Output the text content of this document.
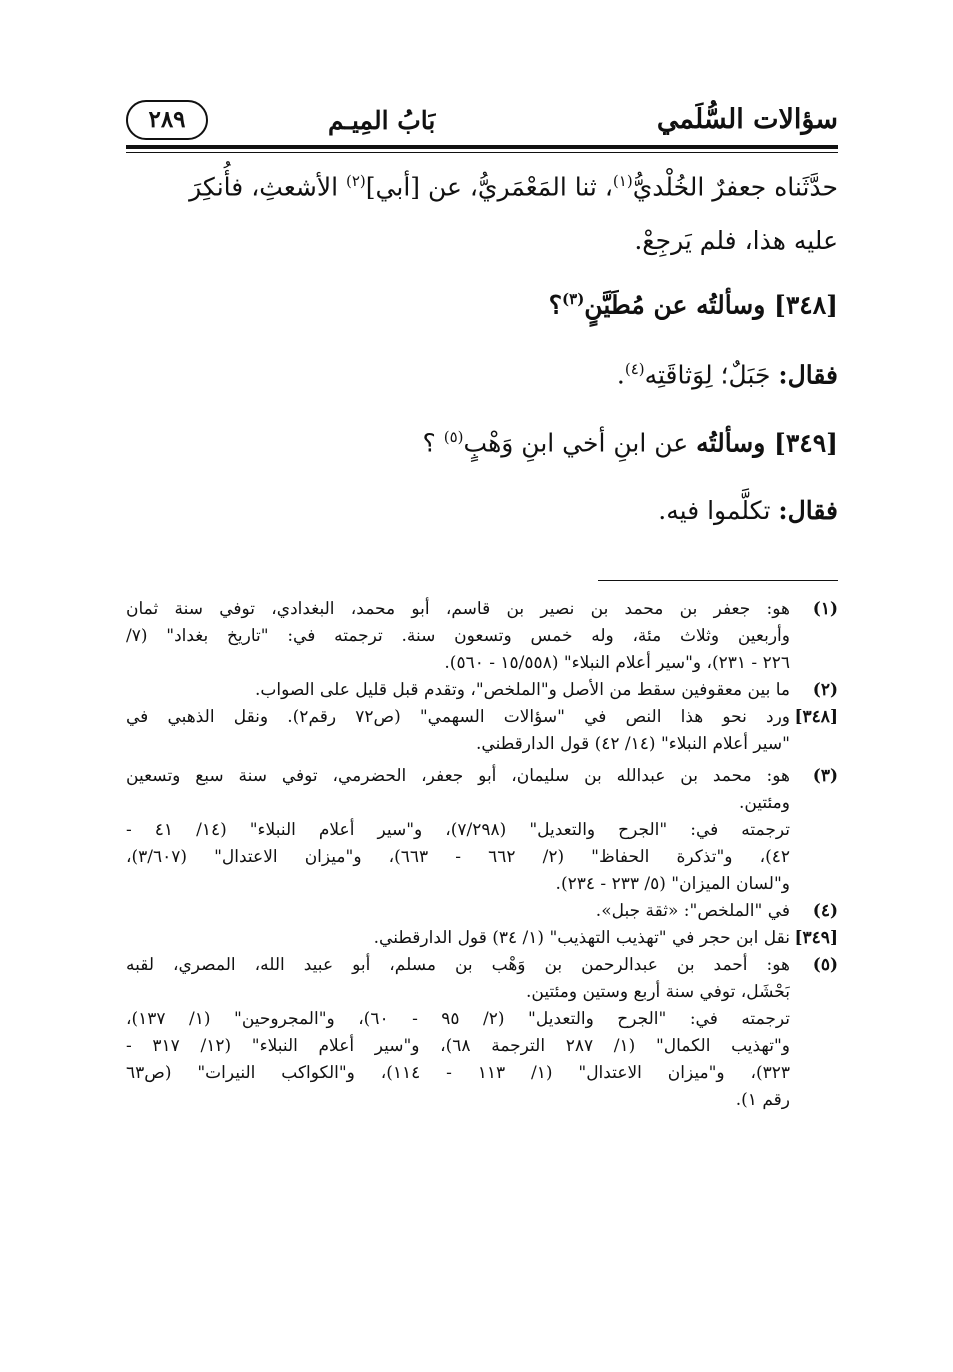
سؤالات السُّلَمي
بَابُ المِيـم
٢٨٩

حدَّثَناه جعفرٌ الخُلْديُّ$^{(١)}$، ثنا المَعْمَريُّ، عن [أبي]$^{(٢)}$ الأشعثِ، فأُنكِرَ

عليه هذا، فلم يَرجِعْ.

[٣٤٨] وسألتُه عن مُطَيَّنٍ$^{(٣)}$؟

فقال: جَبَلٌ؛ لِوَثاقَتِه$^{(٤)}$.

[٣٤٩] وسألتُه عن ابنِ أخي ابنِ وَهْبٍ$^{(٥)}$ ؟

فقال: تكلَّموا فيه.

(١)
هو: جعفر بن محمد بن نصير بن قاسم، أبو محمد، البغدادي، توفي سنة ثمان
وأربعين وثلاث مئة، وله خمس وتسعون سنة. ترجمته في: "تاريخ بغداد" (٧/
٢٢٦ - ٢٣١)، و"سير أعلام النبلاء" (١٥/٥٥٨ - ٥٦٠).
(٢)
ما بين معقوفين سقط من الأصل و"الملخص"، وتقدم قبل قليل على الصواب.
[٣٤٨]
ورد نحو هذا النص في "سؤالات السهمي" (ص٧٢ رقم٢). ونقل الذهبي في
"سير أعلام النبلاء" (١٤/ ٤٢) قول الدارقطني.
(٣)
هو: محمد بن عبدالله بن سليمان، أبو جعفر، الحضرمي، توفي سنة سبع وتسعين
ومئتين.
ترجمته في: "الجرح والتعديل" (٧/٢٩٨)، و"سير أعلام النبلاء" (١٤/ ٤١ -
٤٢)، و"تذكرة الحفاظ" (٢/ ٦٦٢ - ٦٦٣)، و"ميزان الاعتدال" (٣/٦٠٧)،
و"لسان الميزان" (٥/ ٢٣٣ - ٢٣٤).
(٤)
في "الملخص": «ثقة جبل».
[٣٤٩]
نقل ابن حجر في "تهذيب التهذيب" (١/ ٣٤) قول الدارقطني.
(٥)
هو: أحمد بن عبدالرحمن بن وَهْب بن مسلم، أبو عبيد الله، المصري، لقبه
بَحْشَل، توفي سنة أربع وستين ومئتين.
ترجمته في: "الجرح والتعديل" (٢/ ٩٥ - ٦٠)، و"المجروحين" (١/ ١٣٧)،
و"تهذيب الكمال" (١/ ٢٨٧ الترجمة ٦٨)، و"سير أعلام النبلاء" (١٢/ ٣١٧ -
٣٢٣)، و"ميزان الاعتدال" (١/ ١١٣ - ١١٤)، و"الكواكب النيرات" (ص٦٣
رقم ١).
